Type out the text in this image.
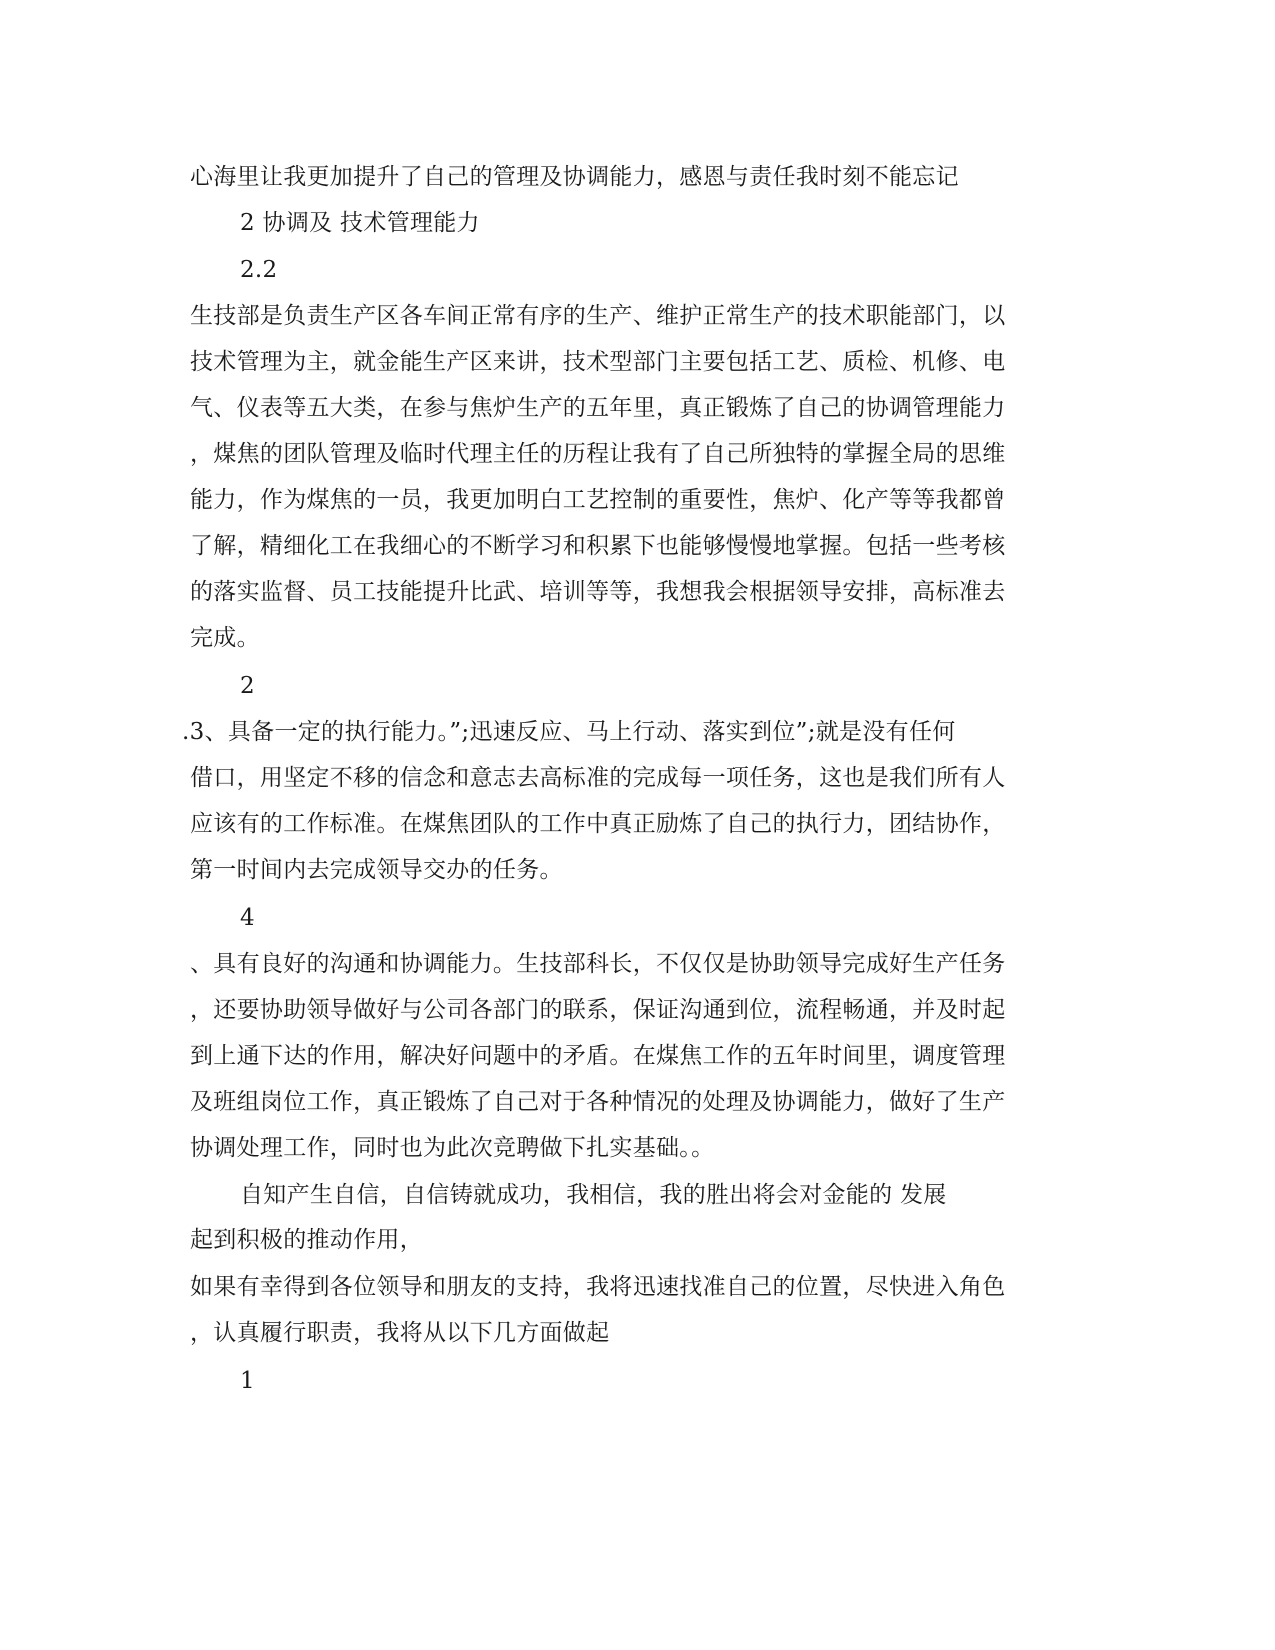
心海里让我更加提升了自己的管理及协调能力，感恩与责任我时刻不能忘记
2 协调及 技术管理能力
2.2
生技部是负责生产区各车间正常有序的生产、维护正常生产的技术职能部门，以
技术管理为主，就金能生产区来讲，技术型部门主要包括工艺、质检、机修、电
气、仪表等五大类，在参与焦炉生产的五年里，真正锻炼了自己的协调管理能力
，煤焦的团队管理及临时代理主任的历程让我有了自己所独特的掌握全局的思维
能力，作为煤焦的一员，我更加明白工艺控制的重要性，焦炉、化产等等我都曾
了解，精细化工在我细心的不断学习和积累下也能够慢慢地掌握。包括一些考核
的落实监督、员工技能提升比武、培训等等，我想我会根据领导安排，高标准去
完成。
2
.3、具备一定的执行能力。”;迅速反应、马上行动、落实到位”;就是没有任何
借口，用坚定不移的信念和意志去高标准的完成每一项任务，这也是我们所有人
应该有的工作标准。在煤焦团队的工作中真正励炼了自己的执行力，团结协作，
第一时间内去完成领导交办的任务。
4
、具有良好的沟通和协调能力。生技部科长，不仅仅是协助领导完成好生产任务
，还要协助领导做好与公司各部门的联系，保证沟通到位，流程畅通，并及时起
到上通下达的作用，解决好问题中的矛盾。在煤焦工作的五年时间里，调度管理
及班组岗位工作，真正锻炼了自己对于各种情况的处理及协调能力，做好了生产
协调处理工作，同时也为此次竞聘做下扎实基础。。
自知产生自信，自信铸就成功，我相信，我的胜出将会对金能的 发展
起到积极的推动作用，
如果有幸得到各位领导和朋友的支持，我将迅速找准自己的位置，尽快进入角色
，认真履行职责，我将从以下几方面做起
1
